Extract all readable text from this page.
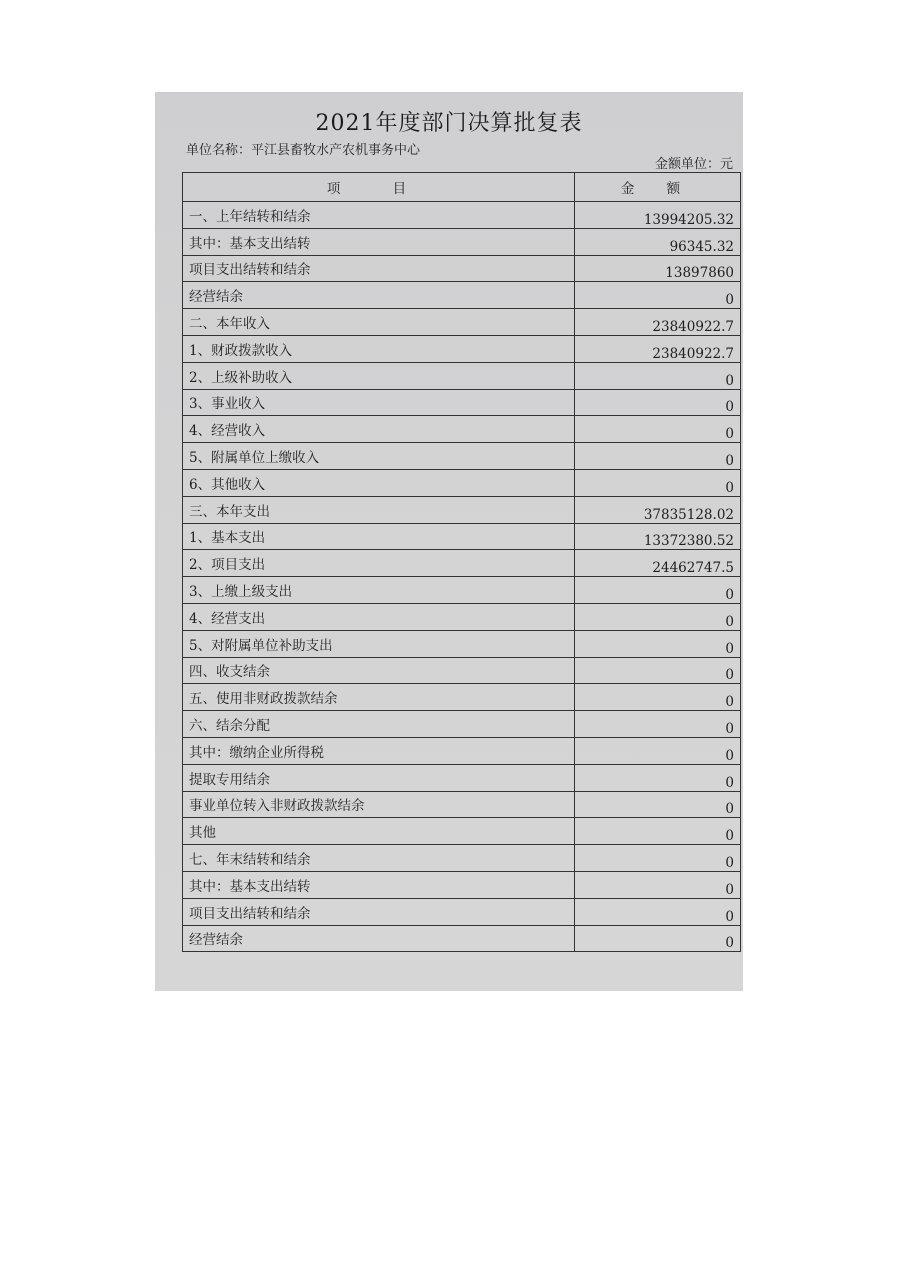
2021年度部门决算批复表
单位名称：平江县畜牧水产农机事务中心
金额单位：元
项 目	金 额
一、上年结转和结余	13994205.32
其中：基本支出结转	96345.32
项目支出结转和结余	13897860
经营结余	0
二、本年收入	23840922.7
1、财政拨款收入	23840922.7
2、上级补助收入	0
3、事业收入	0
4、经营收入	0
5、附属单位上缴收入	0
6、其他收入	0
三、本年支出	37835128.02
1、基本支出	13372380.52
2、项目支出	24462747.5
3、上缴上级支出	0
4、经营支出	0
5、对附属单位补助支出	0
四、收支结余	0
五、使用非财政拨款结余	0
六、结余分配	0
其中：缴纳企业所得税	0
提取专用结余	0
事业单位转入非财政拨款结余	0
其他	0
七、年末结转和结余	0
其中：基本支出结转	0
项目支出结转和结余	0
经营结余	0
